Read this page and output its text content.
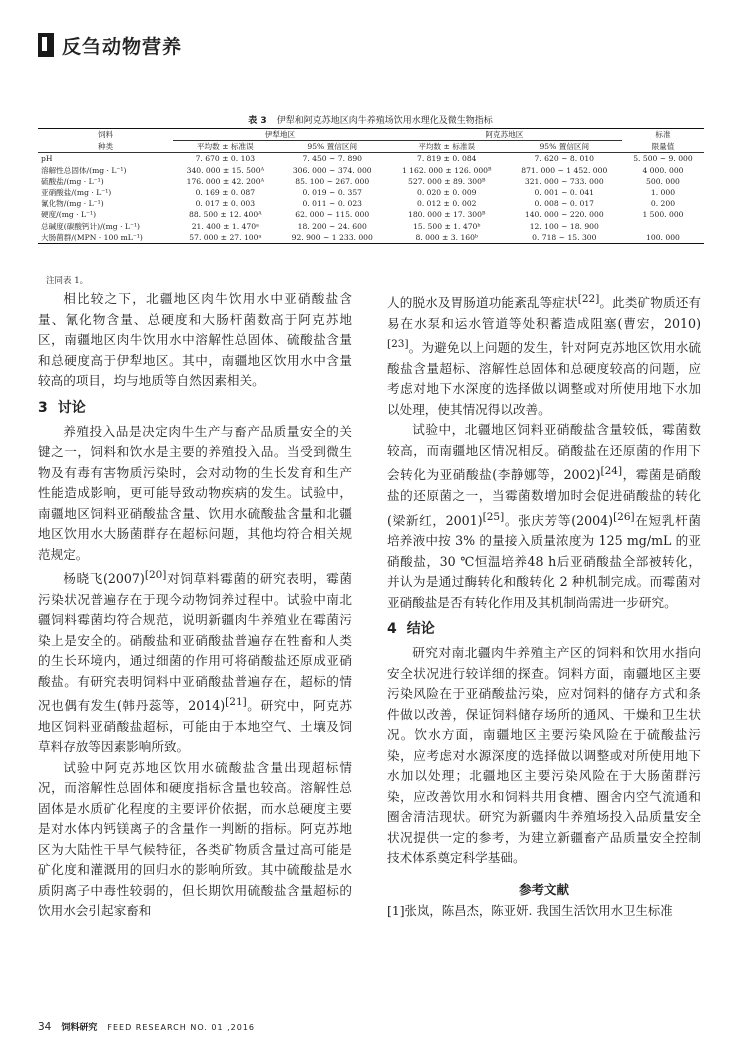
反刍动物营养
表 3 伊犁和阿克苏地区肉牛养殖场饮用水理化及微生物指标
饲料	伊犁地区		阿克苏地区		标准
种类	平均数 ± 标准误	95% 置信区间	平均数 ± 标准误	95% 置信区间	限量值
pH	7. 670 ± 0. 103	7. 450 ~ 7. 890	7. 819 ± 0. 084	7. 620 ~ 8. 010	5. 500 ~ 9. 000
溶解性总固体/(mg · L⁻¹)	340. 000 ± 15. 500ᴬ	306. 000 ~ 374. 000	1 162. 000 ± 126. 000ᴮ	871. 000 ~ 1 452. 000	4 000. 000
硫酸盐/(mg · L⁻¹)	176. 000 ± 42. 200ᴬ	85. 100 ~ 267. 000	527. 000 ± 89. 300ᴮ	321. 000 ~ 733. 000	500. 000
亚硝酸盐/(mg · L⁻¹)	0. 169 ± 0. 087	0. 019 ~ 0. 357	0. 020 ± 0. 009	0. 001 ~ 0. 041	1. 000
氰化物/(mg · L⁻¹)	0. 017 ± 0. 003	0. 011 ~ 0. 023	0. 012 ± 0. 002	0. 008 ~ 0. 017	0. 200
硬度/(mg · L⁻¹)	88. 500 ± 12. 400ᴬ	62. 000 ~ 115. 000	180. 000 ± 17. 300ᴮ	140. 000 ~ 220. 000	1 500. 000
总碱度(碳酸钙计)/(mg · L⁻¹)	21. 400 ± 1. 470ᵃ	18. 200 ~ 24. 600	15. 500 ± 1. 470ᵇ	12. 100 ~ 18. 900	
大肠菌群/(MPN · 100 mL⁻¹)	57. 000 ± 27. 100ᵃ	92. 900 ~ 1 233. 000	8. 000 ± 3. 160ᵇ	0. 718 ~ 15. 300	100. 000
注同表 1。

相比较之下，北疆地区肉牛饮用水中亚硝酸盐含量、氰化物含量、总硬度和大肠杆菌数高于阿克苏地区，南疆地区肉牛饮用水中溶解性总固体、硫酸盐含量和总硬度高于伊犁地区。其中，南疆地区饮用水中含量较高的项目，均与地质等自然因素相关。

3 讨论

养殖投入品是决定肉牛生产与畜产品质量安全的关键之一，饲料和饮水是主要的养殖投入品。当受到微生物及有毒有害物质污染时，会对动物的生长发育和生产性能造成影响，更可能导致动物疾病的发生。试验中，南疆地区饲料亚硝酸盐含量、饮用水硫酸盐含量和北疆地区饮用水大肠菌群存在超标问题，其他均符合相关规范规定。

杨晓飞(2007)[20]对饲草料霉菌的研究表明，霉菌污染状况普遍存在于现今动物饲养过程中。试验中南北疆饲料霉菌均符合规范，说明新疆肉牛养殖业在霉菌污染上是安全的。硝酸盐和亚硝酸盐普遍存在牲畜和人类的生长环境内，通过细菌的作用可将硝酸盐还原成亚硝酸盐。有研究表明饲料中亚硝酸盐普遍存在，超标的情况也偶有发生(韩丹蕊等，2014)[21]。研究中，阿克苏地区饲料亚硝酸盐超标，可能由于本地空气、土壤及饲草料存放等因素影响所致。

试验中阿克苏地区饮用水硫酸盐含量出现超标情况，而溶解性总固体和硬度指标含量也较高。溶解性总固体是水质矿化程度的主要评价依据，而水总硬度主要是对水体内钙镁离子的含量作一判断的指标。阿克苏地区为大陆性干旱气候特征，各类矿物质含量过高可能是矿化度和灌溉用的回归水的影响所致。其中硫酸盐是水质阴离子中毒性较弱的，但长期饮用硫酸盐含量超标的饮用水会引起家畜和

人的脱水及胃肠道功能紊乱等症状[22]。此类矿物质还有易在水泵和运水管道等处积蓄造成阻塞(曹宏，2010)[23]。为避免以上问题的发生，针对阿克苏地区饮用水硫酸盐含量超标、溶解性总固体和总硬度较高的问题，应考虑对地下水深度的选择做以调整或对所使用地下水加以处理，使其情况得以改善。

试验中，北疆地区饲料亚硝酸盐含量较低，霉菌数较高，而南疆地区情况相反。硝酸盐在还原菌的作用下会转化为亚硝酸盐(李静娜等，2002)[24]，霉菌是硝酸盐的还原菌之一，当霉菌数增加时会促进硝酸盐的转化(梁新红，2001)[25]。张庆芳等(2004)[26]在短乳杆菌培养液中按 3% 的量接入质量浓度为 125 mg/mL 的亚硝酸盐，30 ℃恒温培养48 h后亚硝酸盐全部被转化，并认为是通过酶转化和酸转化 2 种机制完成。而霉菌对亚硝酸盐是否有转化作用及其机制尚需进一步研究。

4 结论

研究对南北疆肉牛养殖主产区的饲料和饮用水指向安全状况进行较详细的探查。饲料方面，南疆地区主要污染风险在于亚硝酸盐污染，应对饲料的储存方式和条件做以改善，保证饲料储存场所的通风、干燥和卫生状况。饮水方面，南疆地区主要污染风险在于硫酸盐污染，应考虑对水源深度的选择做以调整或对所使用地下水加以处理；北疆地区主要污染风险在于大肠菌群污染，应改善饮用水和饲料共用食槽、圈舍内空气流通和圈舍清洁现状。研究为新疆肉牛养殖场投入品质量安全状况提供一定的参考，为建立新疆畜产品质量安全控制技术体系奠定科学基础。

参考文献

[1]张岚，陈昌杰，陈亚妍. 我国生活饮用水卫生标准

34 饲料研究 FEED RESEARCH NO. 01 ,2016
